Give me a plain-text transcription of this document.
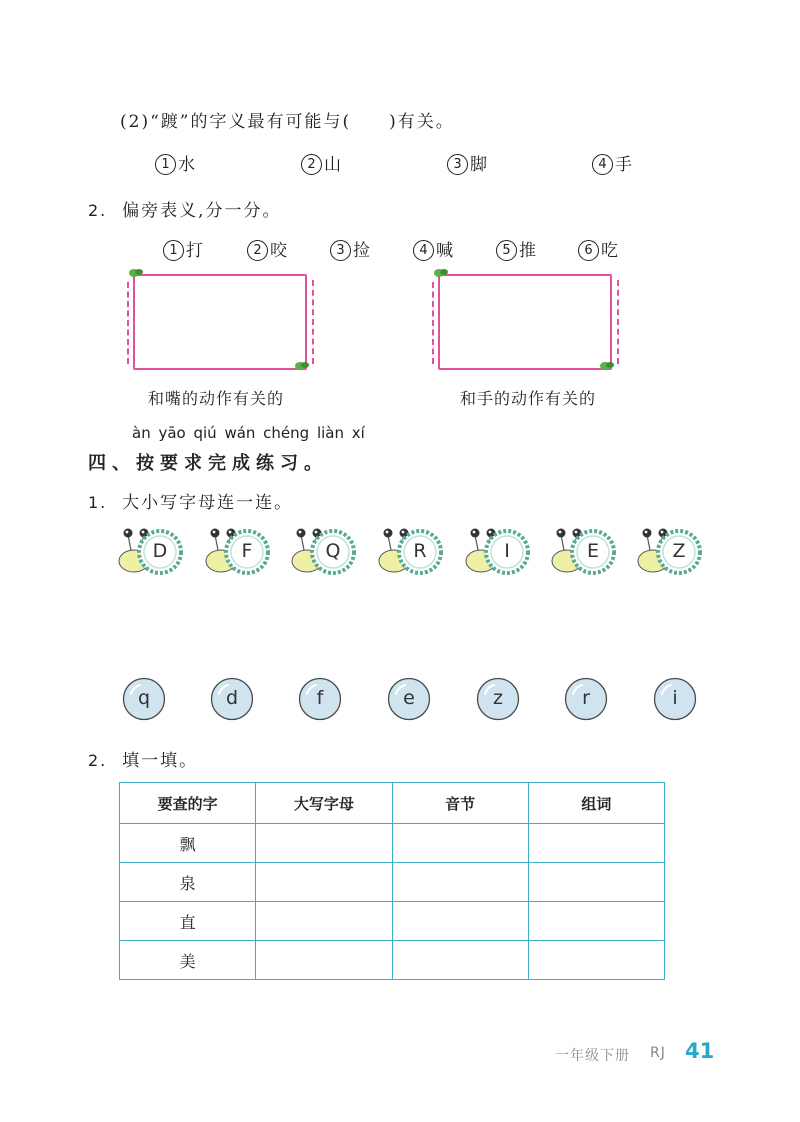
(2)“踱”的字义最有可能与(　　)有关。
1 水	2 山	3 脚	4 手
2. 偏旁表义,分一分。
1 打	2 咬	3 捡	4 喊	5 推	6 吃
和嘴的动作有关的	和手的动作有关的
àn yāo qiú wán chéng liàn xí
四、按要求完成练习。
1. 大小写字母连一连。
D	F	Q	R	I	E	Z
q	d	f	e	z	r	i
2. 填一填。
要查的字	大写字母	音节	组词
飘			
泉			
直			
美			
一年级下册 RJ 41
